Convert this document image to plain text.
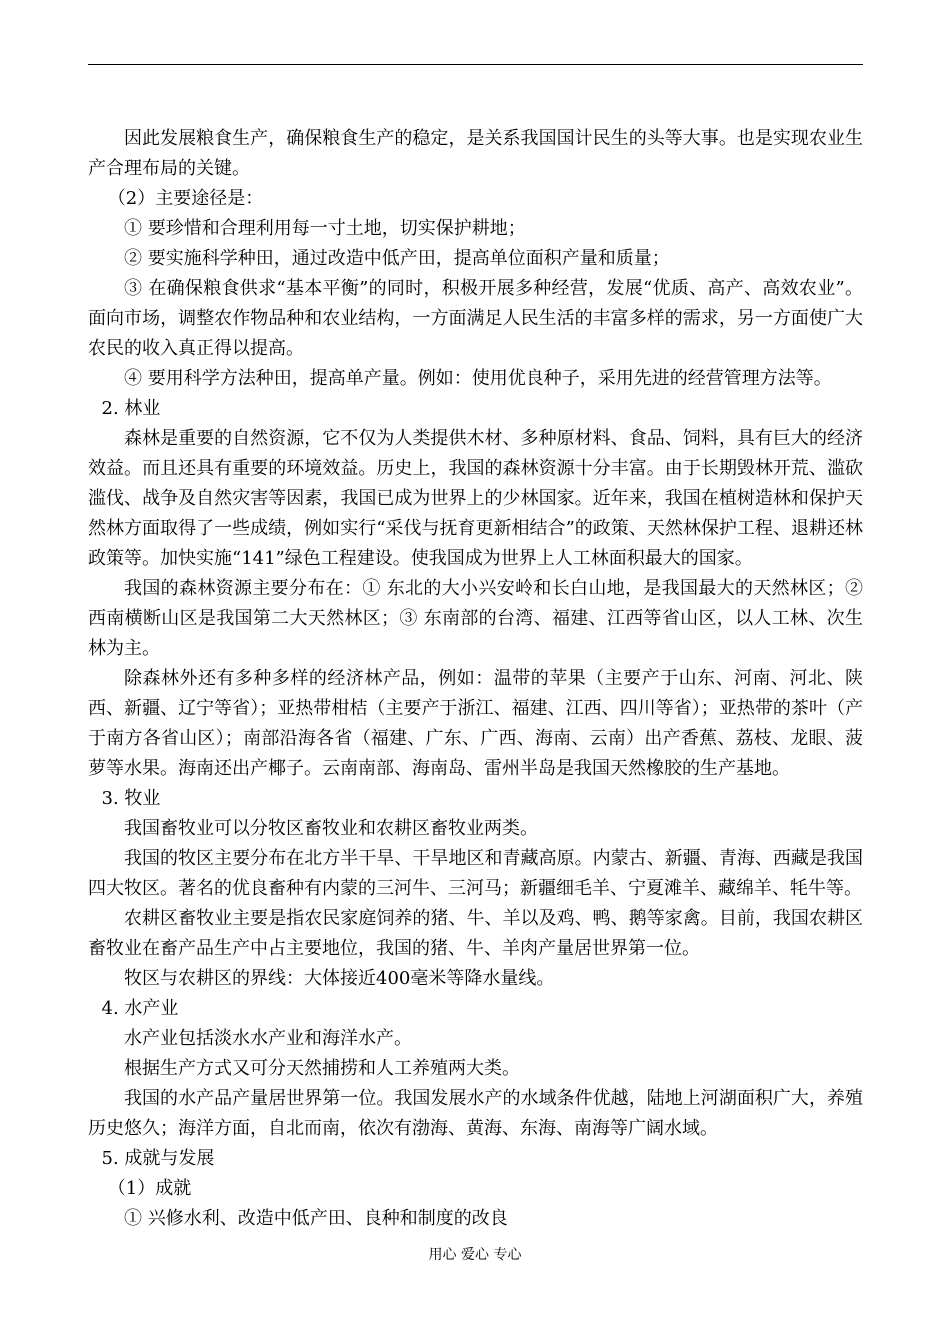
因此发展粮食生产，确保粮食生产的稳定，是关系我国国计民生的头等大事。也是实现农业生产合理布局的关键。

（2）主要途径是：

① 要珍惜和合理利用每一寸土地，切实保护耕地；

② 要实施科学种田，通过改造中低产田，提高单位面积产量和质量；

③ 在确保粮食供求“基本平衡”的同时，积极开展多种经营，发展“优质、高产、高效农业”。面向市场，调整农作物品种和农业结构，一方面满足人民生活的丰富多样的需求，另一方面使广大农民的收入真正得以提高。

④ 要用科学方法种田，提高单产量。例如：使用优良种子，采用先进的经营管理方法等。

2. 林业

森林是重要的自然资源，它不仅为人类提供木材、多种原材料、食品、饲料，具有巨大的经济效益。而且还具有重要的环境效益。历史上，我国的森林资源十分丰富。由于长期毁林开荒、滥砍滥伐、战争及自然灾害等因素，我国已成为世界上的少林国家。近年来，我国在植树造林和保护天然林方面取得了一些成绩，例如实行“采伐与抚育更新相结合”的政策、天然林保护工程、退耕还林政策等。加快实施“141”绿色工程建设。使我国成为世界上人工林面积最大的国家。

我国的森林资源主要分布在：① 东北的大小兴安岭和长白山地，是我国最大的天然林区；② 西南横断山区是我国第二大天然林区；③ 东南部的台湾、福建、江西等省山区，以人工林、次生林为主。

除森林外还有多种多样的经济林产品，例如：温带的苹果（主要产于山东、河南、河北、陕西、新疆、辽宁等省）；亚热带柑桔（主要产于浙江、福建、江西、四川等省）；亚热带的茶叶（产于南方各省山区）；南部沿海各省（福建、广东、广西、海南、云南）出产香蕉、荔枝、龙眼、菠萝等水果。海南还出产椰子。云南南部、海南岛、雷州半岛是我国天然橡胶的生产基地。

3. 牧业

我国畜牧业可以分牧区畜牧业和农耕区畜牧业两类。

我国的牧区主要分布在北方半干旱、干旱地区和青藏高原。内蒙古、新疆、青海、西藏是我国四大牧区。著名的优良畜种有内蒙的三河牛、三河马；新疆细毛羊、宁夏滩羊、藏绵羊、牦牛等。

农耕区畜牧业主要是指农民家庭饲养的猪、牛、羊以及鸡、鸭、鹅等家禽。目前，我国农耕区畜牧业在畜产品生产中占主要地位，我国的猪、牛、羊肉产量居世界第一位。

牧区与农耕区的界线：大体接近400毫米等降水量线。

4. 水产业

水产业包括淡水水产业和海洋水产。

根据生产方式又可分天然捕捞和人工养殖两大类。

我国的水产品产量居世界第一位。我国发展水产的水域条件优越，陆地上河湖面积广大，养殖历史悠久；海洋方面，自北而南，依次有渤海、黄海、东海、南海等广阔水域。

5. 成就与发展

（1）成就

① 兴修水利、改造中低产田、良种和制度的改良

用心 爱心 专心
